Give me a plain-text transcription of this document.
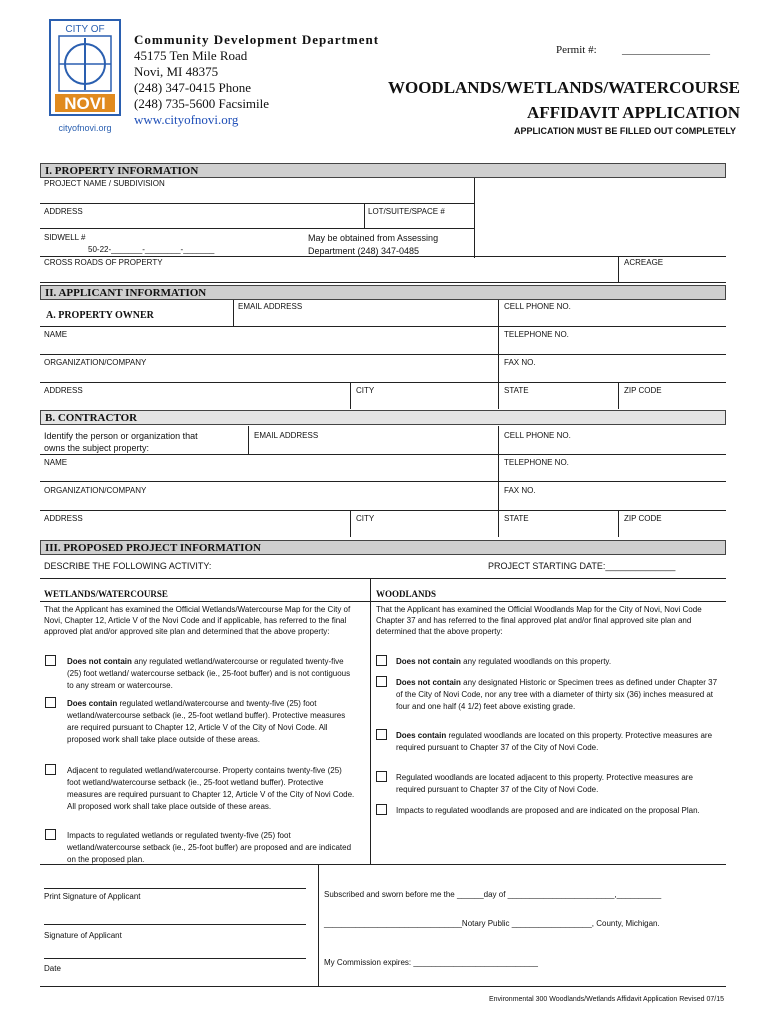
CITY OF
NOVI
cityofnovi.org
Community Development Department
45175 Ten Mile Road
Novi, MI 48375
(248) 347-0415 Phone
(248) 735-5600 Facsimile
www.cityofnovi.org
Permit #: ________________
WOODLANDS/WETLANDS/WATERCOURSE
AFFIDAVIT APPLICATION
APPLICATION MUST BE FILLED OUT COMPLETELY
I. PROPERTY INFORMATION
PROJECT NAME / SUBDIVISION
ADDRESS	LOT/SUITE/SPACE #
SIDWELL #
50-22-_______-________-_______
May be obtained from Assessing
Department (248) 347-0485
CROSS ROADS OF PROPERTY	ACREAGE
II. APPLICANT INFORMATION
A. PROPERTY OWNER
EMAIL ADDRESS	CELL PHONE NO.
NAME	TELEPHONE NO.
ORGANIZATION/COMPANY	FAX NO.
ADDRESS	CITY	STATE	ZIP CODE
B. CONTRACTOR
Identify the person or organization that
owns the subject property:
EMAIL ADDRESS	CELL PHONE NO.
NAME	TELEPHONE NO.
ORGANIZATION/COMPANY	FAX NO.
ADDRESS	CITY	STATE	ZIP CODE
III. PROPOSED PROJECT INFORMATION
DESCRIBE THE FOLLOWING ACTIVITY:	PROJECT STARTING DATE:______________
WETLANDS/WATERCOURSE
That the Applicant has examined the Official Wetlands/Watercourse Map for the City of Novi, Chapter 12, Article V of the Novi Code and if applicable, has referred to the final approved plat and/or approved site plan and determined that the above property:
WOODLANDS
That the Applicant has examined the Official Woodlands Map for the City of Novi, Novi Code Chapter 37 and has referred to the final approved plat and/or final approved site plan and determined that the above property:
Does not contain any regulated wetland/watercourse or regulated twenty-five (25) foot wetland/ watercourse setback (ie., 25-foot buffer) and is not contiguous to any stream or watercourse.
Does contain regulated wetland/watercourse and twenty-five (25) foot wetland/watercourse setback (ie., 25-foot wetland buffer). Protective measures are required pursuant to Chapter 12, Article V of the City of Novi Code. All proposed work shall take place outside of these areas.
Adjacent to regulated wetland/watercourse. Property contains twenty-five (25) foot wetland/watercourse setback (ie., 25-foot wetland buffer). Protective measures are required pursuant to Chapter 12, Article V of the City of Novi Code. All proposed work shall take place outside of these areas.
Impacts to regulated wetlands or regulated twenty-five (25) foot wetland/watercourse setback (ie., 25-foot buffer) are proposed and are indicated on the proposed plan.
Does not contain any regulated woodlands on this property.
Does not contain any designated Historic or Specimen trees as defined under Chapter 37 of the City of Novi Code, nor any tree with a diameter of thirty six (36) inches measured at four and one half (4 1/2) feet above existing grade.
Does contain regulated woodlands are located on this property. Protective measures are required pursuant to Chapter 37 of the City of Novi Code.
Regulated woodlands are located adjacent to this property. Protective measures are required pursuant to Chapter 37 of the City of Novi Code.
Impacts to regulated woodlands are proposed and are indicated on the proposal Plan.
Print Signature of Applicant
Signature of Applicant
Date
Subscribed and sworn before me the ______day of ________________________,__________
_______________________________Notary Public __________________, County, Michigan.
My Commission expires: ____________________________
Environmental 300 Woodlands/Wetlands Affidavit Application Revised 07/15
